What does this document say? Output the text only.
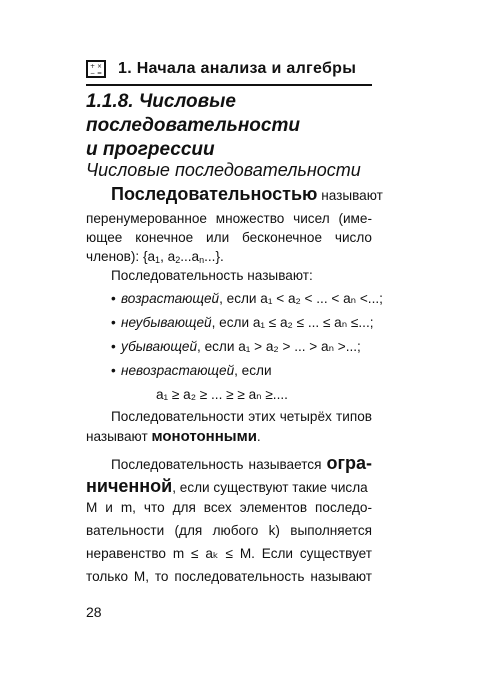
+ ×
− = 1. Начала анализа и алгебры
1.1.8. Числовые
последовательности
и прогрессии
Числовые последовательности
Последовательностью называют
перенумерованное множество чисел (име-
ющее конечное или бесконечное число
членов): {$a_1$, $a_2...a_n$...}.
Последовательность называют:
• возрастающей, если a₁ < a₂ < ... < aₙ <...;
• неубывающей, если a₁ ≤ a₂ ≤ ... ≤ aₙ ≤...;
• убывающей, если a₁ > a₂ > ... > aₙ >...;
• невозрастающей, если
a₁ ≥ a₂ ≥ ... ≥ ≥ aₙ ≥....
Последовательности этих четырёх типов
называют монотонными.
Последовательность называется огра-
ниченной, если существуют такие числа
M и m, что для всех элементов последо-
вательности (для любого k) выполняется
неравенство m ≤ aₖ ≤ M. Если существует
только M, то последовательность называют
28
